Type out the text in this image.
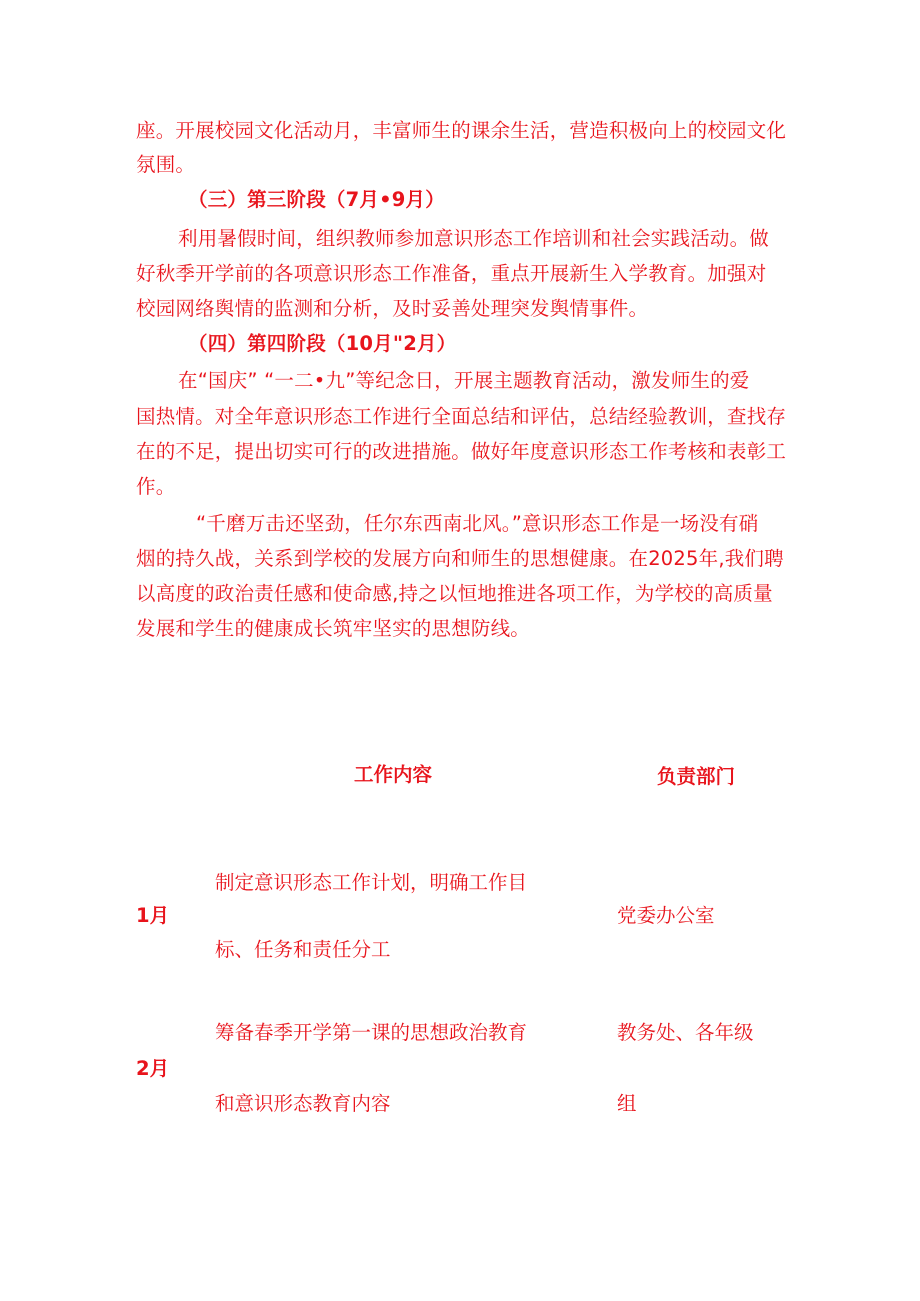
座。开展校园文化活动月，丰富师生的课余生活，营造积极向上的校园文化
氛围。
（三）第三阶段（7月•9月）
利用暑假时间，组织教师参加意识形态工作培训和社会实践活动。做
好秋季开学前的各项意识形态工作准备，重点开展新生入学教育。加强对
校园网络舆情的监测和分析，及时妥善处理突发舆情事件。
（四）第四阶段（10月"2月）
在“国庆” “一二•九”等纪念日，开展主题教育活动，激发师生的爱
国热情。对全年意识形态工作进行全面总结和评估，总结经验教训，查找存
在的不足，提出切实可行的改进措施。做好年度意识形态工作考核和表彰工
作。
“千磨万击还坚劲，任尔东西南北风。”意识形态工作是一场没有硝
烟的持久战，关系到学校的发展方向和师生的思想健康。在2025年,我们聘
以高度的政治责任感和使命感,持之以恒地推进各项工作，为学校的高质量
发展和学生的健康成长筑牢坚实的思想防线。
工作内容	负责部门
1月
制定意识形态工作计划，明确工作目
标、任务和责任分工
党委办公室
2月
筹备春季开学第一课的思想政治教育
和意识形态教育内容
教务处、各年级
组
